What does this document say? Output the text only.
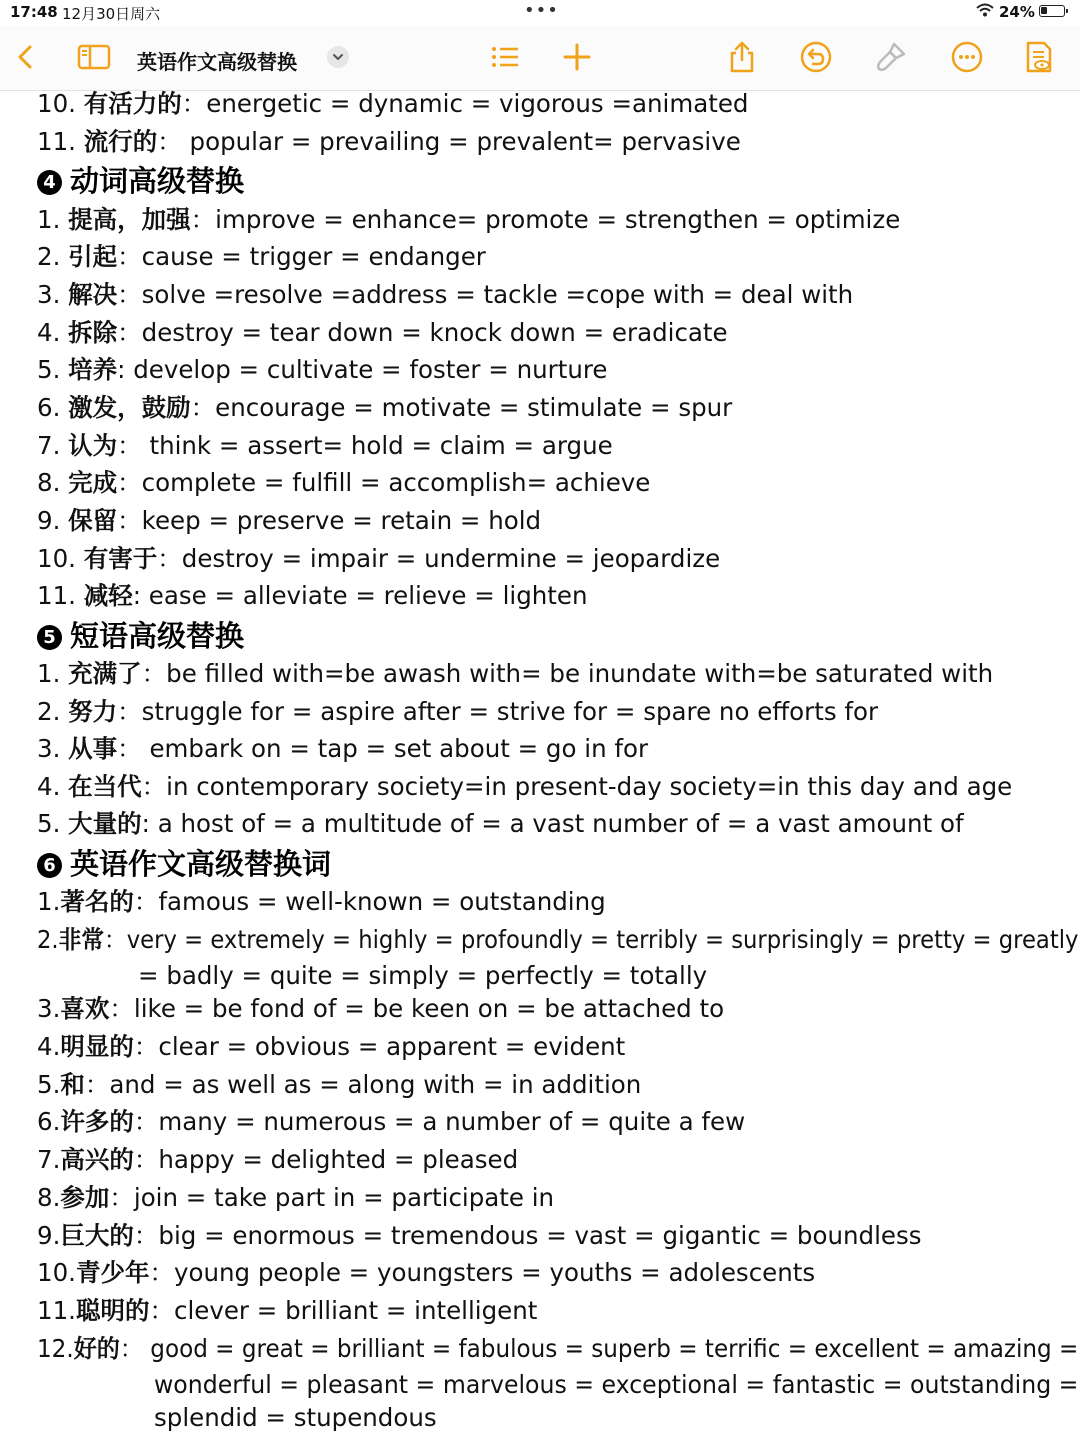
17:48 12月30日周六	•••	24%
英语作文高级替换
10. 有活力的：energetic = dynamic = vigorous =animated
11. 流行的： popular = prevailing = prevalent= pervasive
4 动词高级替换
1. 提高，加强：improve = enhance= promote = strengthen = optimize
2. 引起：cause = trigger = endanger
3. 解决：solve =resolve =address = tackle =cope with = deal with
4. 拆除：destroy = tear down = knock down = eradicate
5. 培养: develop = cultivate = foster = nurture
6. 激发，鼓励：encourage = motivate = stimulate = spur
7. 认为： think = assert= hold = claim = argue
8. 完成：complete = fulfill = accomplish= achieve
9. 保留：keep = preserve = retain = hold
10. 有害于：destroy = impair = undermine = jeopardize
11. 减轻: ease = alleviate = relieve = lighten
5 短语高级替换
1. 充满了：be filled with=be awash with= be inundate with=be saturated with
2. 努力：struggle for = aspire after = strive for = spare no efforts for
3. 从事： embark on = tap = set about = go in for
4. 在当代：in contemporary society=in present-day society=in this day and age
5. 大量的: a host of = a multitude of = a vast number of = a vast amount of
6 英语作文高级替换词
1.著名的：famous = well-known = outstanding
2.非常：very = extremely = highly = profoundly = terribly = surprisingly = pretty = greatly
= badly = quite = simply = perfectly = totally
3.喜欢：like = be fond of = be keen on = be attached to
4.明显的：clear = obvious = apparent = evident
5.和：and = as well as = along with = in addition
6.许多的：many = numerous = a number of = quite a few
7.高兴的：happy = delighted = pleased
8.参加：join = take part in = participate in
9.巨大的：big = enormous = tremendous = vast = gigantic = boundless
10.青少年：young people = youngsters = youths = adolescents
11.聪明的：clever = brilliant = intelligent
12.好的： good = great = brilliant = fabulous = superb = terrific = excellent = amazing =
wonderful = pleasant = marvelous = exceptional = fantastic = outstanding =
splendid = stupendous
